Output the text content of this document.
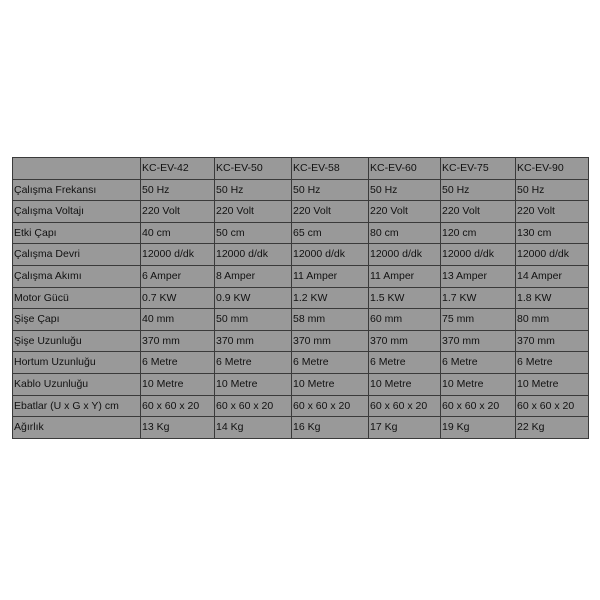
	KC-EV-42	KC-EV-50	KC-EV-58	KC-EV-60	KC-EV-75	KC-EV-90
Çalışma Frekansı	50 Hz	50 Hz	50 Hz	50 Hz	50 Hz	50 Hz
Çalışma Voltajı	220 Volt	220 Volt	220 Volt	220 Volt	220 Volt	220 Volt
Etki Çapı	40 cm	50 cm	65 cm	80 cm	120 cm	130 cm
Çalışma Devri	12000 d/dk	12000 d/dk	12000 d/dk	12000 d/dk	12000 d/dk	12000 d/dk
Çalışma Akımı	6 Amper	8 Amper	11 Amper	11 Amper	13 Amper	14 Amper
Motor Gücü	0.7 KW	0.9 KW	1.2 KW	1.5 KW	1.7 KW	1.8 KW
Şişe Çapı	40 mm	50 mm	58 mm	60 mm	75 mm	80 mm
Şişe Uzunluğu	370 mm	370 mm	370 mm	370 mm	370 mm	370 mm
Hortum Uzunluğu	6 Metre	6 Metre	6 Metre	6 Metre	6 Metre	6 Metre
Kablo Uzunluğu	10 Metre	10 Metre	10 Metre	10 Metre	10 Metre	10 Metre
Ebatlar (U x G x Y) cm	60 x 60 x 20	60 x 60 x 20	60 x 60 x 20	60 x 60 x 20	60 x 60 x 20	60 x 60 x 20
Ağırlık	13 Kg	14 Kg	16 Kg	17 Kg	19 Kg	22 Kg
